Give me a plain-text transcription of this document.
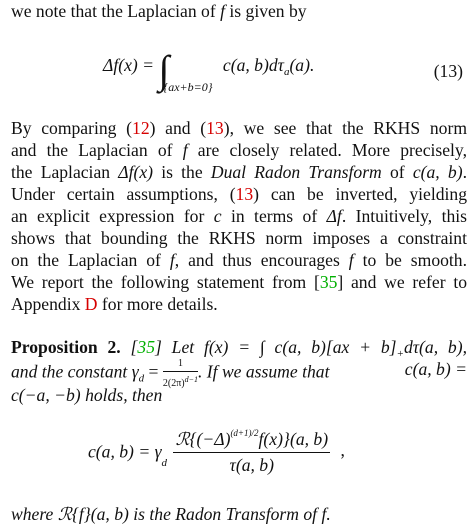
we note that the Laplacian of f is given by
$\Delta f(x) = \int_{\{ax+b=0\}}$ c(a, $b)d\tau_a(a)$.	(13)
By comparing (12) and (13), we see that the RKHS norm
and the Laplacian of f are closely related. More precisely,
the Laplacian Δf(x) is the Dual Radon Transform of c(a, b).
Under certain assumptions, (13) can be inverted, yielding
an explicit expression for c in terms of Δf. Intuitively, this
shows that bounding the RKHS norm imposes a constraint
on the Laplacian of f, and thus encourages f to be smooth.
We report the following statement from [35] and we refer to
Appendix D for more details.
Proposition 2. [35] Let f(x) = ∫ c(a, $b)[ax + b]_+d\tau(a$, b),
and the constant $\gamma_d = \frac{1}{2(2\pi)^{d-1}}$ . If we assume that	c(a, b) =
c(−a, −b) holds, then
c(a, $b) = \gamma_d \frac{ℛ\{(-\Delta)^{(d+1)/2}f(x)\}(a, b)}{\tau(a, b)}$ ,
where ℛ{f}(a, b) is the Radon Transform of f.
